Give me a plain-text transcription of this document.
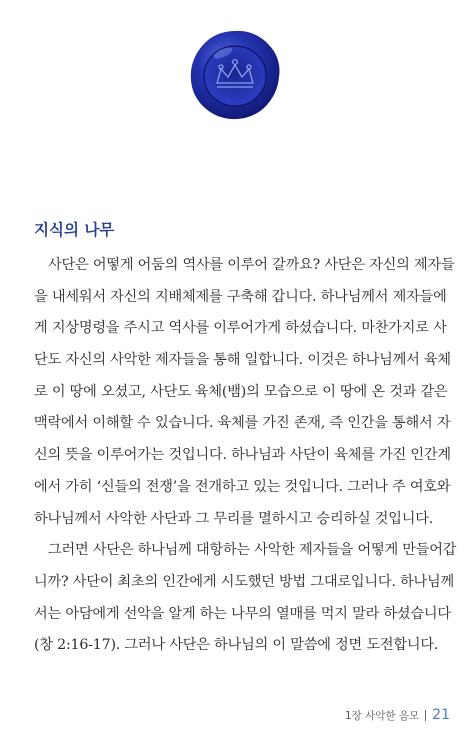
지식의 나무
　사단은 어떻게 어둠의 역사를 이루어 갈까요? 사단은 자신의 제자들
을 내세워서 자신의 지배체제를 구축해 갑니다. 하나님께서 제자들에
게 지상명령을 주시고 역사를 이루어가게 하셨습니다. 마찬가지로 사
단도 자신의 사악한 제자들을 통해 일합니다. 이것은 하나님께서 육체
로 이 땅에 오셨고, 사단도 육체(뱀)의 모습으로 이 땅에 온 것과 같은
맥락에서 이해할 수 있습니다. 육체를 가진 존재, 즉 인간을 통해서 자
신의 뜻을 이루어가는 것입니다. 하나님과 사단이 육체를 가진 인간계
에서 가히 ‘신들의 전쟁’을 전개하고 있는 것입니다. 그러나 주 여호와
하나님께서 사악한 사단과 그 무리를 멸하시고 승리하실 것입니다.
　그러면 사단은 하나님께 대항하는 사악한 제자들을 어떻게 만들어갑
니까? 사단이 최초의 인간에게 시도했던 방법 그대로입니다. 하나님께
서는 아담에게 선악을 알게 하는 나무의 열매를 먹지 말라 하셨습니다
(창 2:16-17). 그러나 사단은 하나님의 이 말씀에 정면 도전합니다.
1장 사악한 음모 21
